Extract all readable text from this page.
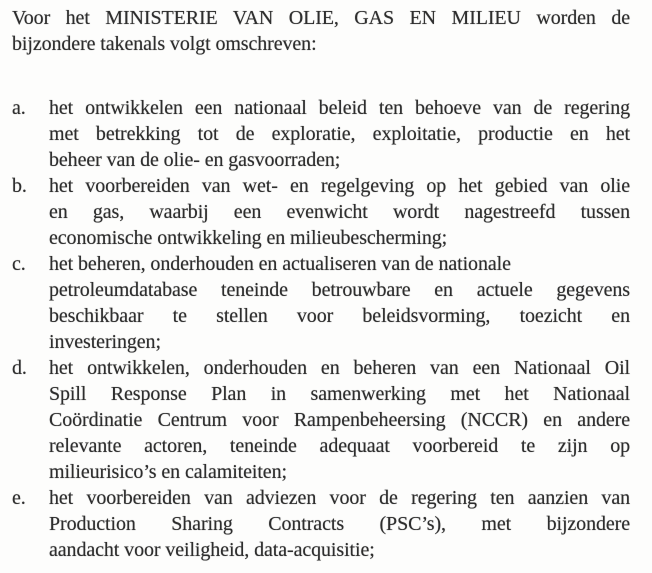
Voor het MINISTERIE VAN OLIE, GAS EN MILIEU worden de
bijzondere takenals volgt omschreven:

a.	het ontwikkelen een nationaal beleid ten behoeve van de regering
met betrekking tot de exploratie, exploitatie, productie en het
beheer van de olie- en gasvoorraden;
b.	het voorbereiden van wet- en regelgeving op het gebied van olie
en gas, waarbij een evenwicht wordt nagestreefd tussen
economische ontwikkeling en milieubescherming;
c.	het beheren, onderhouden en actualiseren van de nationale
petroleumdatabase teneinde betrouwbare en actuele gegevens
beschikbaar te stellen voor beleidsvorming, toezicht en
investeringen;
d.	het ontwikkelen, onderhouden en beheren van een Nationaal Oil
Spill Response Plan in samenwerking met het Nationaal
Coördinatie Centrum voor Rampenbeheersing (NCCR) en andere
relevante actoren, teneinde adequaat voorbereid te zijn op
milieurisico’s en calamiteiten;
e.	het voorbereiden van adviezen voor de regering ten aanzien van
Production Sharing Contracts (PSC’s), met bijzondere
aandacht voor veiligheid, data-acquisitie;
